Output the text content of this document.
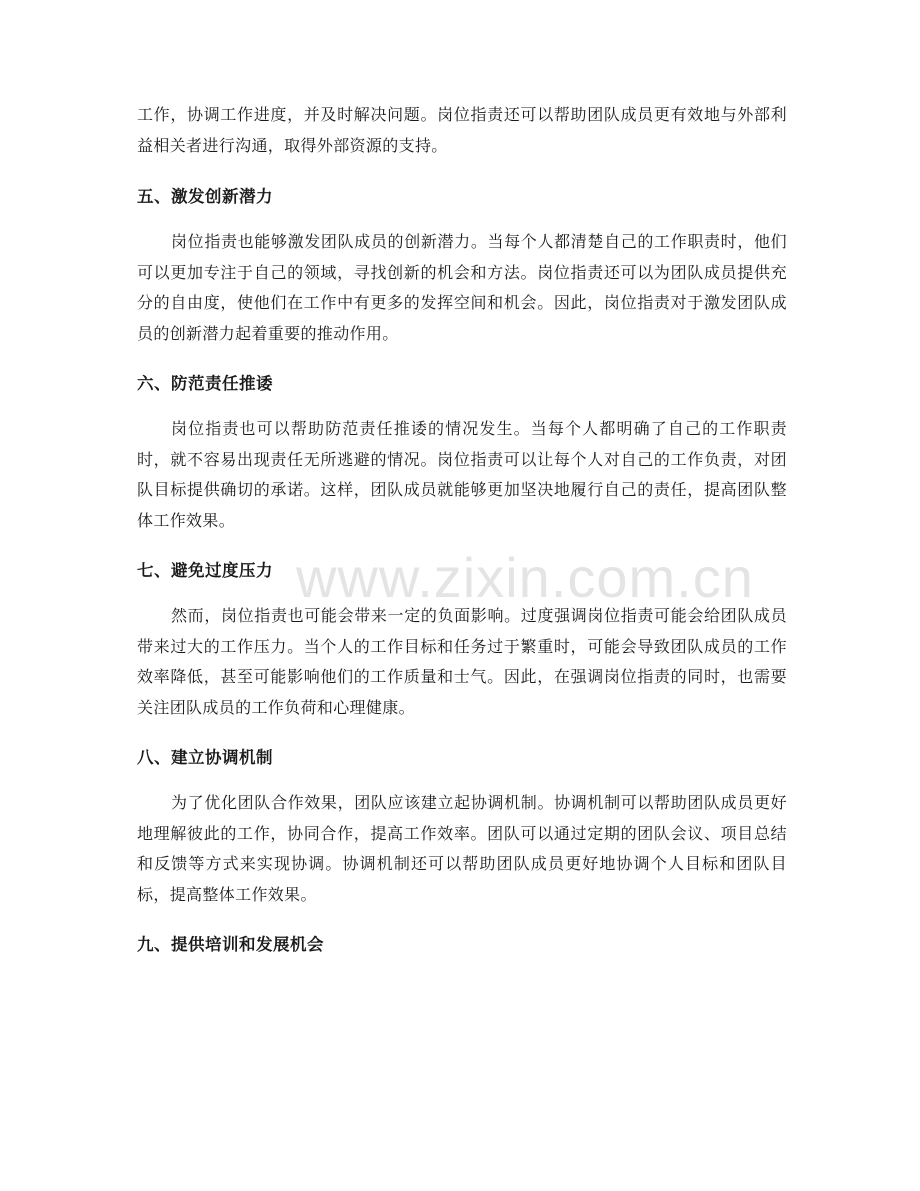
工作，协调工作进度，并及时解决问题。岗位指责还可以帮助团队成员更有效地与外部利益相关者进行沟通，取得外部资源的支持。

五、激发创新潜力

岗位指责也能够激发团队成员的创新潜力。当每个人都清楚自己的工作职责时，他们可以更加专注于自己的领域，寻找创新的机会和方法。岗位指责还可以为团队成员提供充分的自由度，使他们在工作中有更多的发挥空间和机会。因此，岗位指责对于激发团队成员的创新潜力起着重要的推动作用。

六、防范责任推诿

岗位指责也可以帮助防范责任推诿的情况发生。当每个人都明确了自己的工作职责时，就不容易出现责任无所逃避的情况。岗位指责可以让每个人对自己的工作负责，对团队目标提供确切的承诺。这样，团队成员就能够更加坚决地履行自己的责任，提高团队整体工作效果。

七、避免过度压力

然而，岗位指责也可能会带来一定的负面影响。过度强调岗位指责可能会给团队成员带来过大的工作压力。当个人的工作目标和任务过于繁重时，可能会导致团队成员的工作效率降低，甚至可能影响他们的工作质量和士气。因此，在强调岗位指责的同时，也需要关注团队成员的工作负荷和心理健康。

八、建立协调机制

为了优化团队合作效果，团队应该建立起协调机制。协调机制可以帮助团队成员更好地理解彼此的工作，协同合作，提高工作效率。团队可以通过定期的团队会议、项目总结和反馈等方式来实现协调。协调机制还可以帮助团队成员更好地协调个人目标和团队目标，提高整体工作效果。

九、提供培训和发展机会
www.zixin.com.cn
